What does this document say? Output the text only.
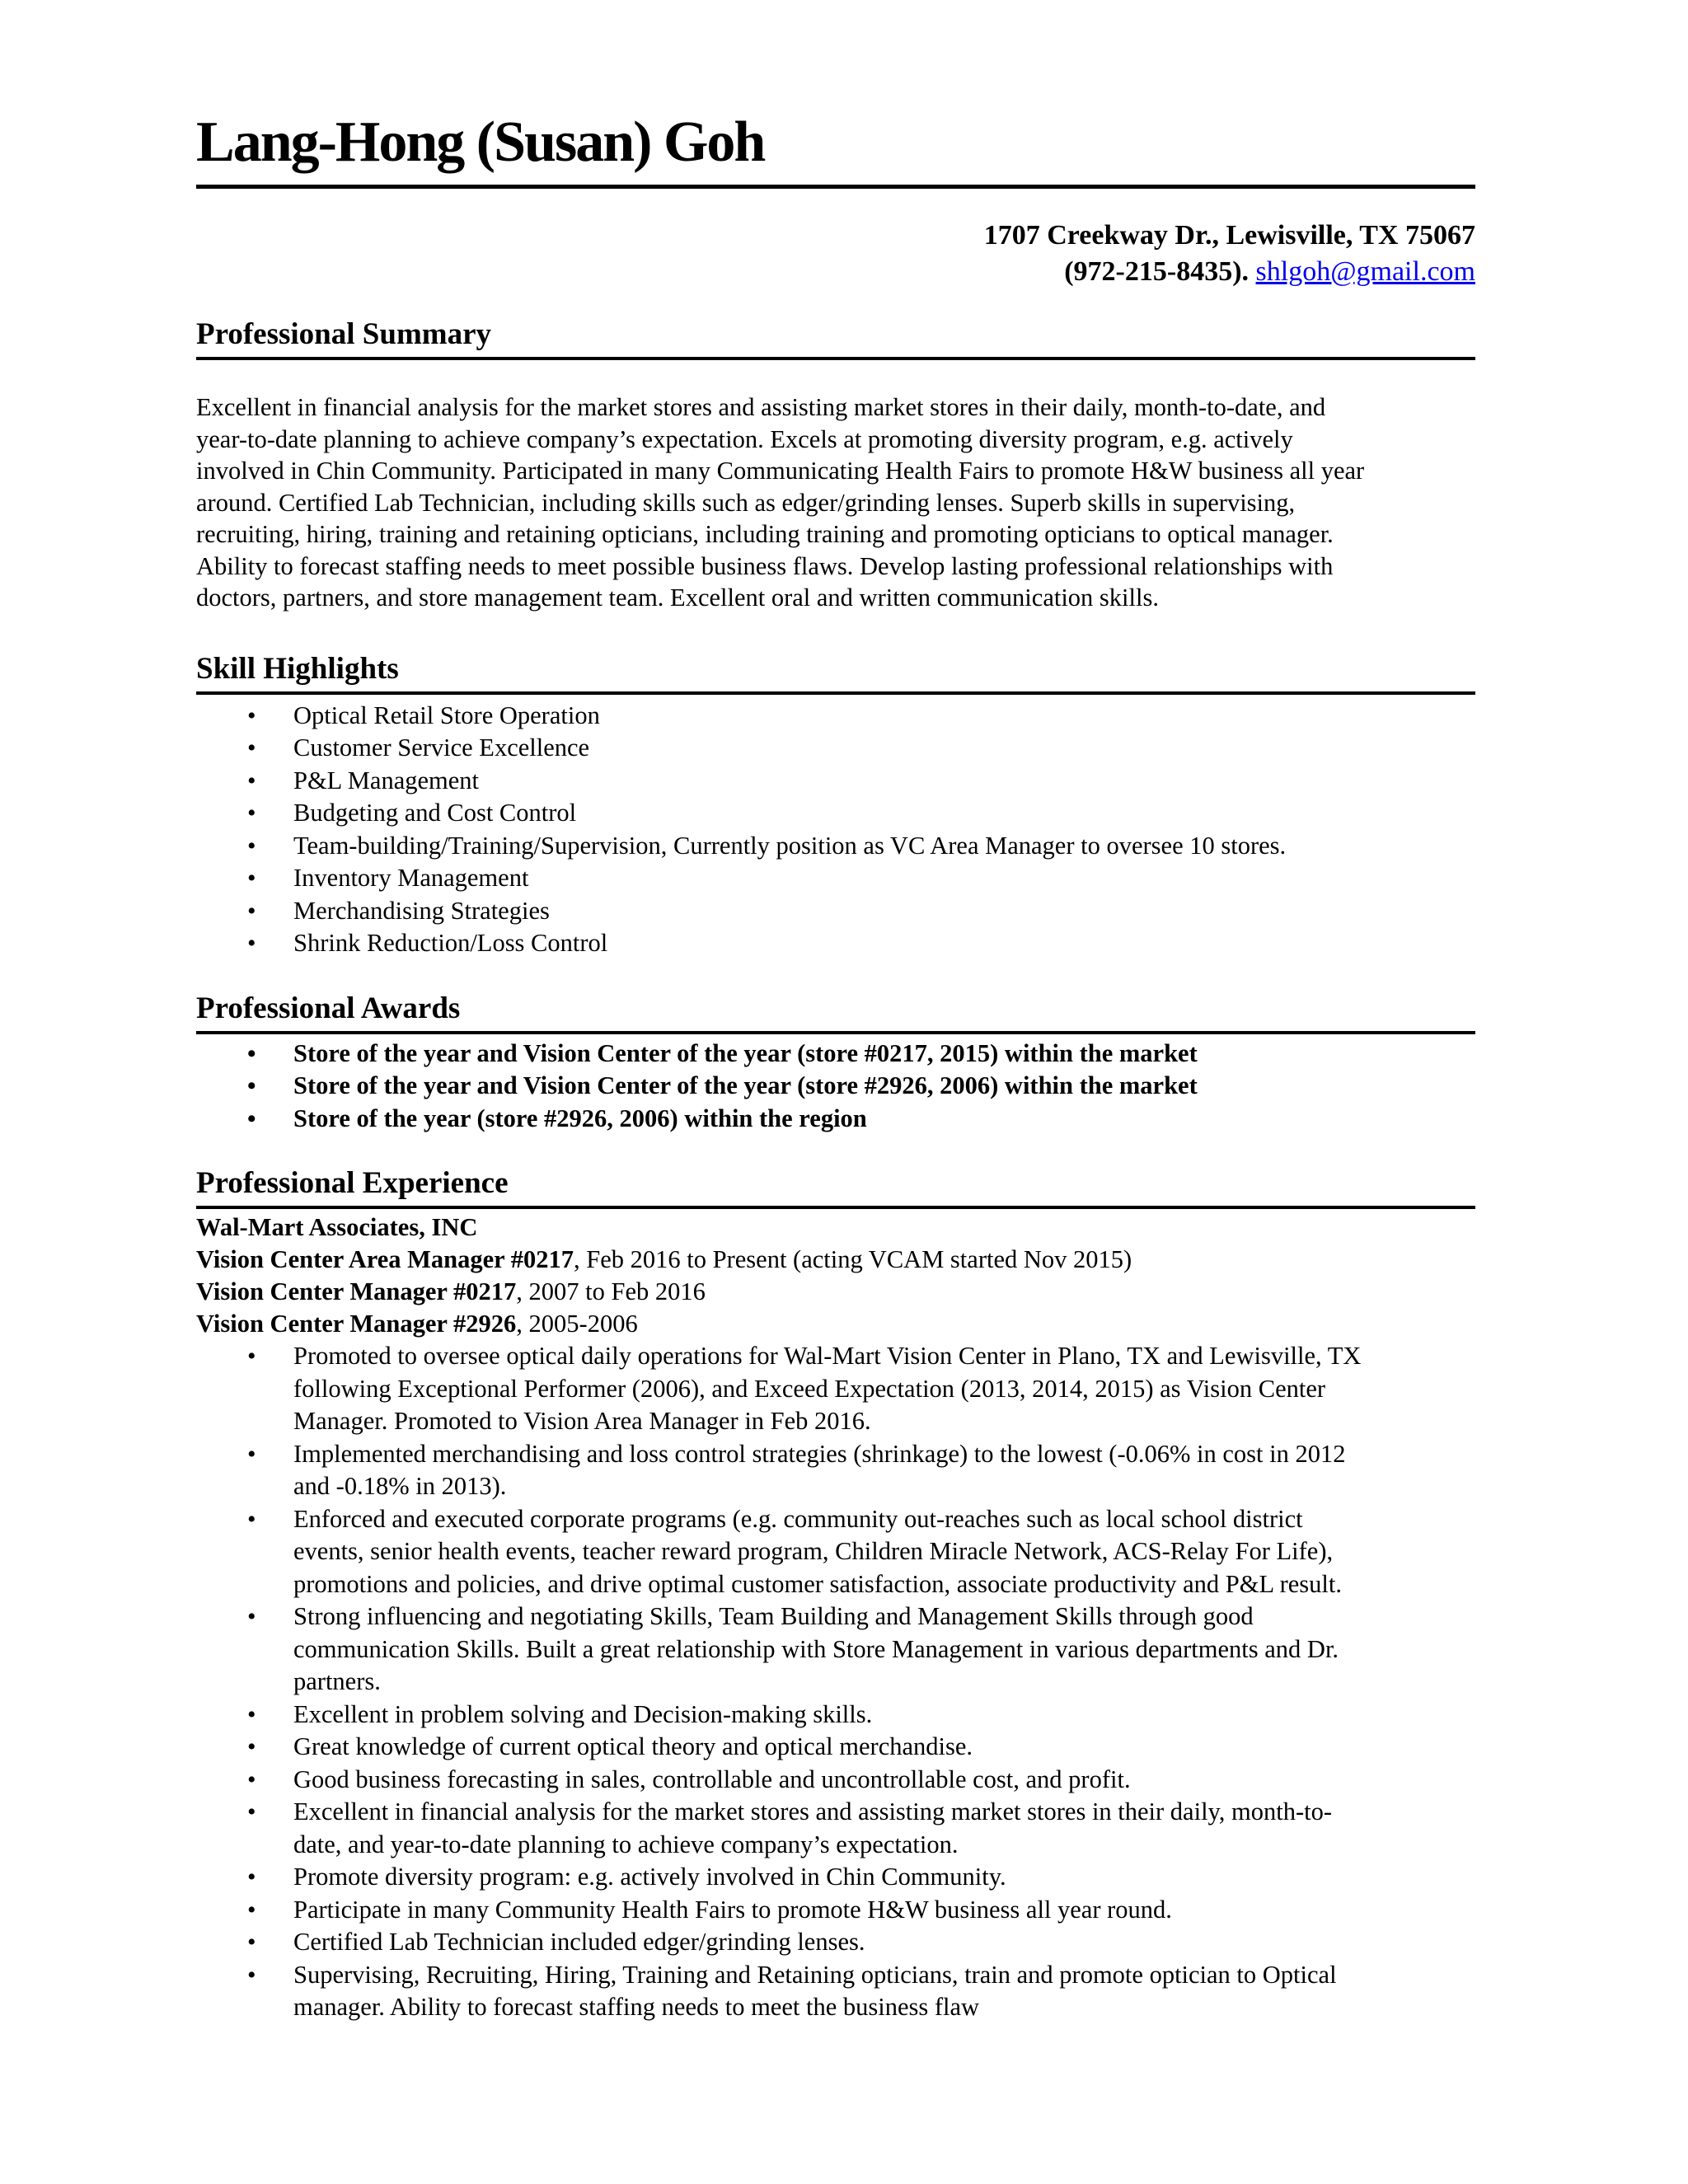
Lang-Hong (Susan) Goh
1707 Creekway Dr., Lewisville, TX 75067
(972-215-8435). shlgoh@gmail.com
Professional Summary
Excellent in financial analysis for the market stores and assisting market stores in their daily, month-to-date, and
year-to-date planning to achieve company’s expectation. Excels at promoting diversity program, e.g. actively
involved in Chin Community. Participated in many Communicating Health Fairs to promote H&W business all year
around. Certified Lab Technician, including skills such as edger/grinding lenses. Superb skills in supervising,
recruiting, hiring, training and retaining opticians, including training and promoting opticians to optical manager.
Ability to forecast staffing needs to meet possible business flaws. Develop lasting professional relationships with
doctors, partners, and store management team. Excellent oral and written communication skills.
Skill Highlights
• Optical Retail Store Operation
• Customer Service Excellence
• P&L Management
• Budgeting and Cost Control
• Team-building/Training/Supervision, Currently position as VC Area Manager to oversee 10 stores.
• Inventory Management
• Merchandising Strategies
• Shrink Reduction/Loss Control
Professional Awards
• Store of the year and Vision Center of the year (store #0217, 2015) within the market
• Store of the year and Vision Center of the year (store #2926, 2006) within the market
• Store of the year (store #2926, 2006) within the region
Professional Experience
Wal-Mart Associates, INC
Vision Center Area Manager #0217, Feb 2016 to Present (acting VCAM started Nov 2015)
Vision Center Manager #0217, 2007 to Feb 2016
Vision Center Manager #2926, 2005-2006
• Promoted to oversee optical daily operations for Wal-Mart Vision Center in Plano, TX and Lewisville, TX
following Exceptional Performer (2006), and Exceed Expectation (2013, 2014, 2015) as Vision Center
Manager. Promoted to Vision Area Manager in Feb 2016.
• Implemented merchandising and loss control strategies (shrinkage) to the lowest (-0.06% in cost in 2012
and -0.18% in 2013).
• Enforced and executed corporate programs (e.g. community out-reaches such as local school district
events, senior health events, teacher reward program, Children Miracle Network, ACS-Relay For Life),
promotions and policies, and drive optimal customer satisfaction, associate productivity and P&L result.
• Strong influencing and negotiating Skills, Team Building and Management Skills through good
communication Skills. Built a great relationship with Store Management in various departments and Dr.
partners.
• Excellent in problem solving and Decision-making skills.
• Great knowledge of current optical theory and optical merchandise.
• Good business forecasting in sales, controllable and uncontrollable cost, and profit.
• Excellent in financial analysis for the market stores and assisting market stores in their daily, month-to-
date, and year-to-date planning to achieve company’s expectation.
• Promote diversity program: e.g. actively involved in Chin Community.
• Participate in many Community Health Fairs to promote H&W business all year round.
• Certified Lab Technician included edger/grinding lenses.
• Supervising, Recruiting, Hiring, Training and Retaining opticians, train and promote optician to Optical
manager. Ability to forecast staffing needs to meet the business flaw
